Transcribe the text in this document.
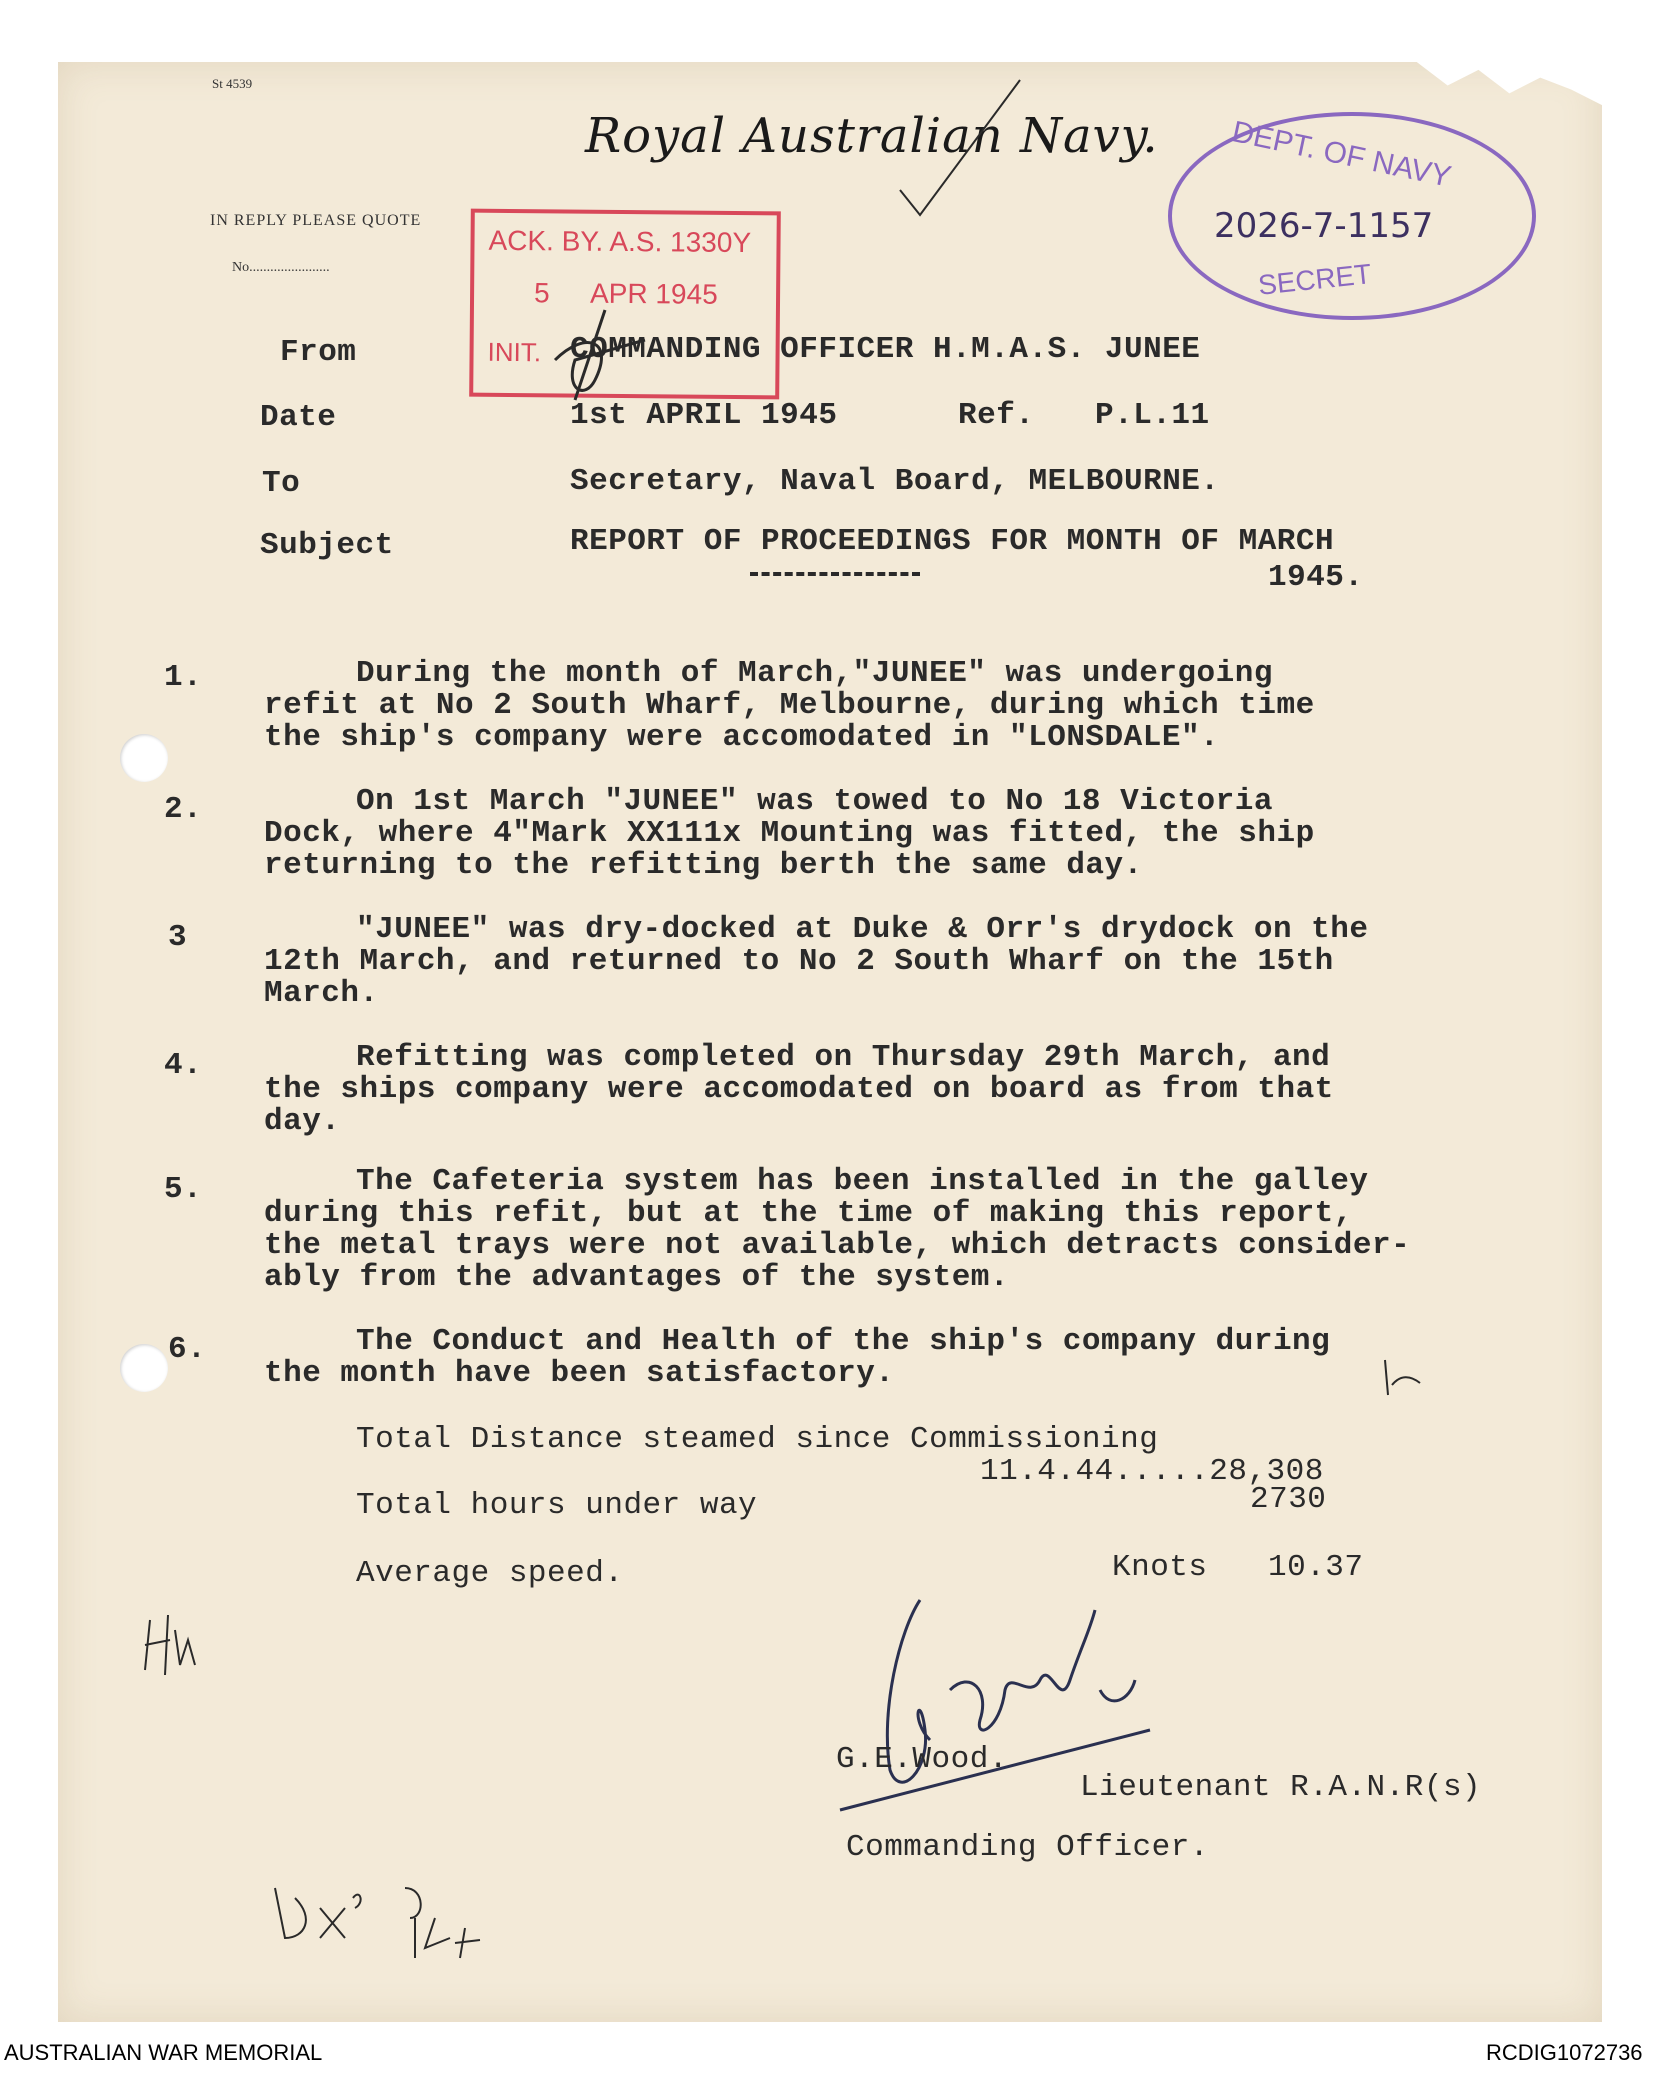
St 4539
Royal Australian Navy.
IN REPLY PLEASE QUOTE
No.......................
ACK. BY. A.S. 1330Y
5 APR 1945
INIT.
DEPT. OF NAVY
2026-7-1157
SECRET
From	COMMANDING OFFICER H.M.A.S. JUNEE
Date	1st APRIL 1945	Ref. P.L.11
To	Secretary, Naval Board, MELBOURNE.
Subject	REPORT OF PROCEEDINGS FOR MONTH OF MARCH
1945.
1.	During the month of March,"JUNEE" was undergoing
refit at No 2 South Wharf, Melbourne, during which time
the ship's company were accomodated in "LONSDALE".
2.	On 1st March "JUNEE" was towed to No 18 Victoria
Dock, where 4"Mark XX111x Mounting was fitted, the ship
returning to the refitting berth the same day.
3	"JUNEE" was dry-docked at Duke & Orr's drydock on the
12th March, and returned to No 2 South Wharf on the 15th
March.
4.	Refitting was completed on Thursday 29th March, and
the ships company were accomodated on board as from that
day.
5.	The Cafeteria system has been installed in the galley
during this refit, but at the time of making this report,
the metal trays were not available, which detracts consider-
ably from the advantages of the system.
6.	The Conduct and Health of the ship's company during
the month have been satisfactory.
Total Distance steamed since Commissioning
11.4.44.....28,308
Total hours under way	2730
Average speed.	Knots 10.37
G.E.Wood.
Lieutenant R.A.N.R(s)
Commanding Officer.
AUSTRALIAN WAR MEMORIAL	RCDIG1072736
